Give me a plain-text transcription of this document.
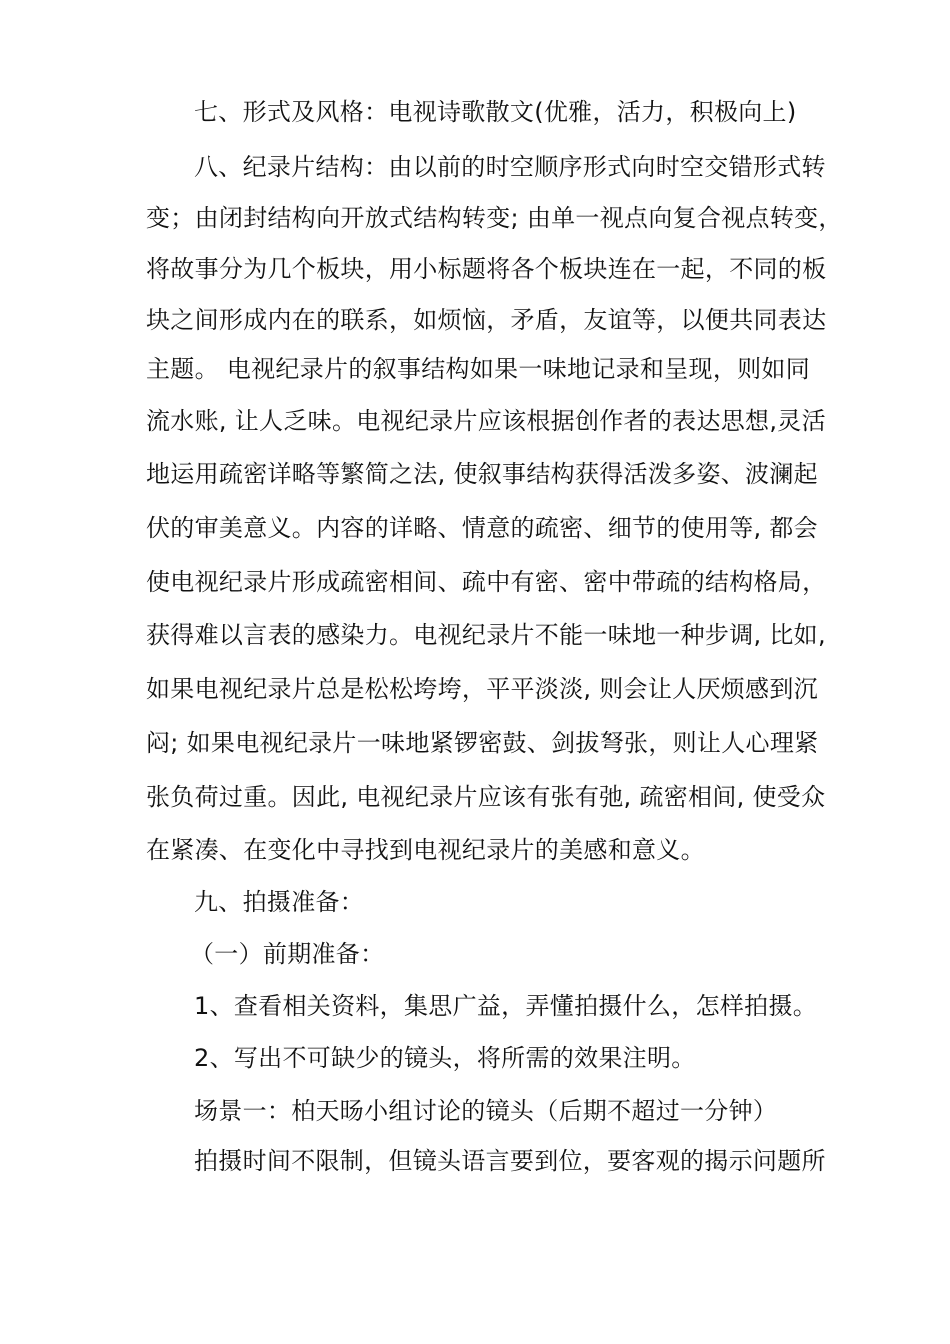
七、形式及风格：电视诗歌散文(优雅，活力，积极向上)
八、纪录片结构：由以前的时空顺序形式向时空交错形式转
变；由闭封结构向开放式结构转变; 由单一视点向复合视点转变，
将故事分为几个板块，用小标题将各个板块连在一起，不同的板
块之间形成内在的联系，如烦恼，矛盾，友谊等，以便共同表达
主题。 电视纪录片的叙事结构如果一味地记录和呈现，则如同
流水账, 让人乏味。电视纪录片应该根据创作者的表达思想,灵活
地运用疏密详略等繁简之法, 使叙事结构获得活泼多姿、波澜起
伏的审美意义。内容的详略、情意的疏密、细节的使用等, 都会
使电视纪录片形成疏密相间、疏中有密、密中带疏的结构格局，
获得难以言表的感染力。电视纪录片不能一味地一种步调, 比如,
如果电视纪录片总是松松垮垮，平平淡淡, 则会让人厌烦感到沉
闷; 如果电视纪录片一味地紧锣密鼓、剑拔弩张，则让人心理紧
张负荷过重。因此, 电视纪录片应该有张有弛, 疏密相间, 使受众
在紧凑、在变化中寻找到电视纪录片的美感和意义。
九、拍摄准备：
（一）前期准备：
1、查看相关资料，集思广益，弄懂拍摄什么，怎样拍摄。
2、写出不可缺少的镜头，将所需的效果注明。
场景一：柏天旸小组讨论的镜头（后期不超过一分钟）
拍摄时间不限制，但镜头语言要到位，要客观的揭示问题所
